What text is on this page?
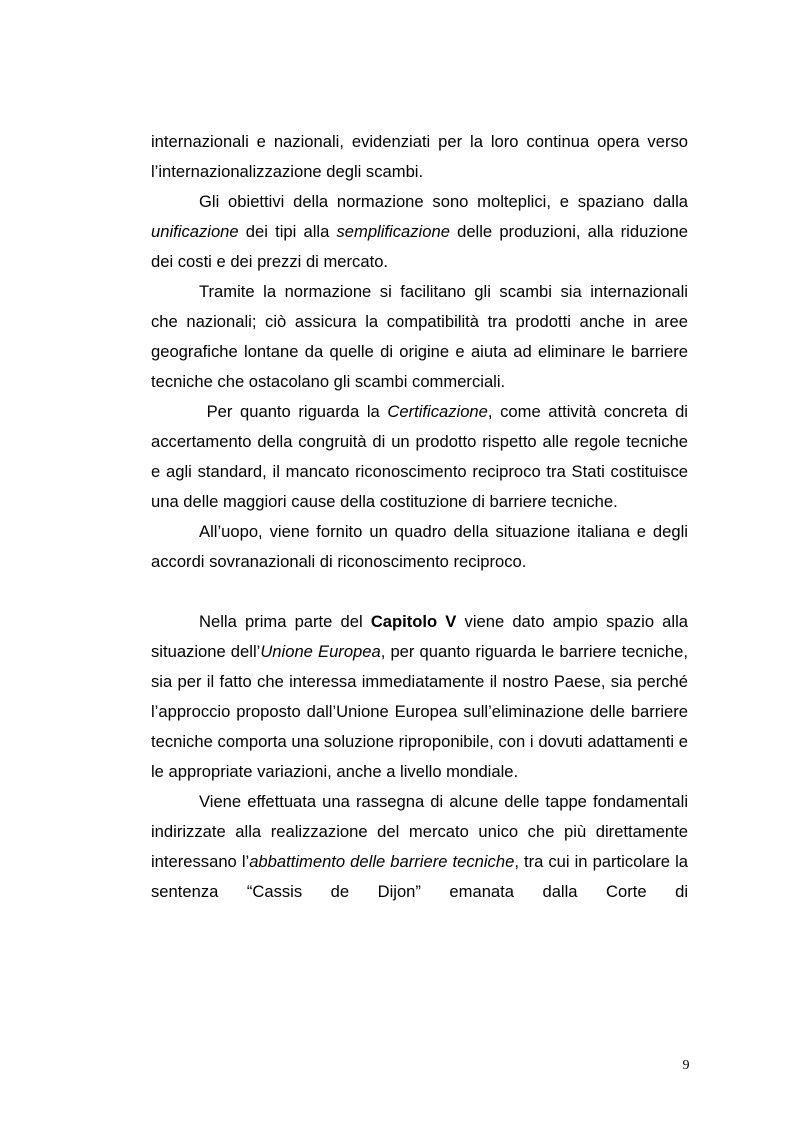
internazionali e nazionali, evidenziati per la loro continua opera verso l’internazionalizzazione degli scambi.

Gli obiettivi della normazione sono molteplici, e spaziano dalla unificazione dei tipi alla semplificazione delle produzioni, alla riduzione dei costi e dei prezzi di mercato.

Tramite la normazione si facilitano gli scambi sia internazionali che nazionali; ciò assicura la compatibilità tra prodotti anche in aree geografiche lontane da quelle di origine e aiuta ad eliminare le barriere tecniche che ostacolano gli scambi commerciali.

Per quanto riguarda la Certificazione, come attività concreta di accertamento della congruità di un prodotto rispetto alle regole tecniche e agli standard, il mancato riconoscimento reciproco tra Stati costituisce una delle maggiori cause della costituzione di barriere tecniche.

All’uopo, viene fornito un quadro della situazione italiana e degli accordi sovranazionali di riconoscimento reciproco.

Nella prima parte del Capitolo V viene dato ampio spazio alla situazione dell’Unione Europea, per quanto riguarda le barriere tecniche, sia per il fatto che interessa immediatamente il nostro Paese, sia perché l’approccio proposto dall’Unione Europea sull’eliminazione delle barriere tecniche comporta una soluzione riproponibile, con i dovuti adattamenti e le appropriate variazioni, anche a livello mondiale.

Viene effettuata una rassegna di alcune delle tappe fondamentali indirizzate alla realizzazione del mercato unico che più direttamente interessano l’abbattimento delle barriere tecniche, tra cui in particolare la sentenza “Cassis de Dijon” emanata dalla Corte di

9
